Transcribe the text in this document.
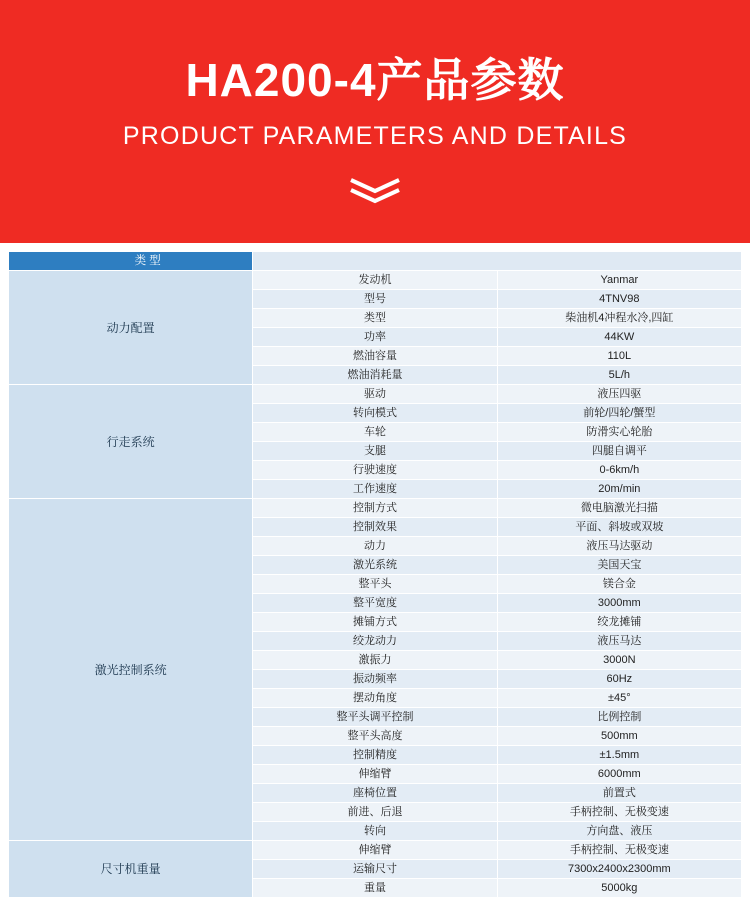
HA200-4产品参数
PRODUCT PARAMETERS AND DETAILS
类 型		
动力配置	发动机	Yanmar
	型号	4TNV98
	类型	柴油机4冲程水冷,四缸
	功率	44KW
	燃油容量	110L
	燃油消耗量	5L/h
行走系统	驱动	液压四驱
	转向模式	前轮/四轮/蟹型
	车轮	防滑实心轮胎
	支腿	四腿自调平
	行驶速度	0-6km/h
	工作速度	20m/min
激光控制系统	控制方式	微电脑激光扫描
	控制效果	平面、斜坡或双坡
	动力	液压马达驱动
	激光系统	美国天宝
	整平头	镁合金
	整平宽度	3000mm
	摊铺方式	绞龙摊铺
	绞龙动力	液压马达
	激振力	3000N
	振动频率	60Hz
	摆动角度	±45°
	整平头调平控制	比例控制
	整平头高度	500mm
	控制精度	±1.5mm
	伸缩臂	6000mm
	座椅位置	前置式
	前进、后退	手柄控制、无极变速
	转向	方向盘、液压
尺寸机重量	伸缩臂	手柄控制、无极变速
	运输尺寸	7300x2400x2300mm
	重量	5000kg
